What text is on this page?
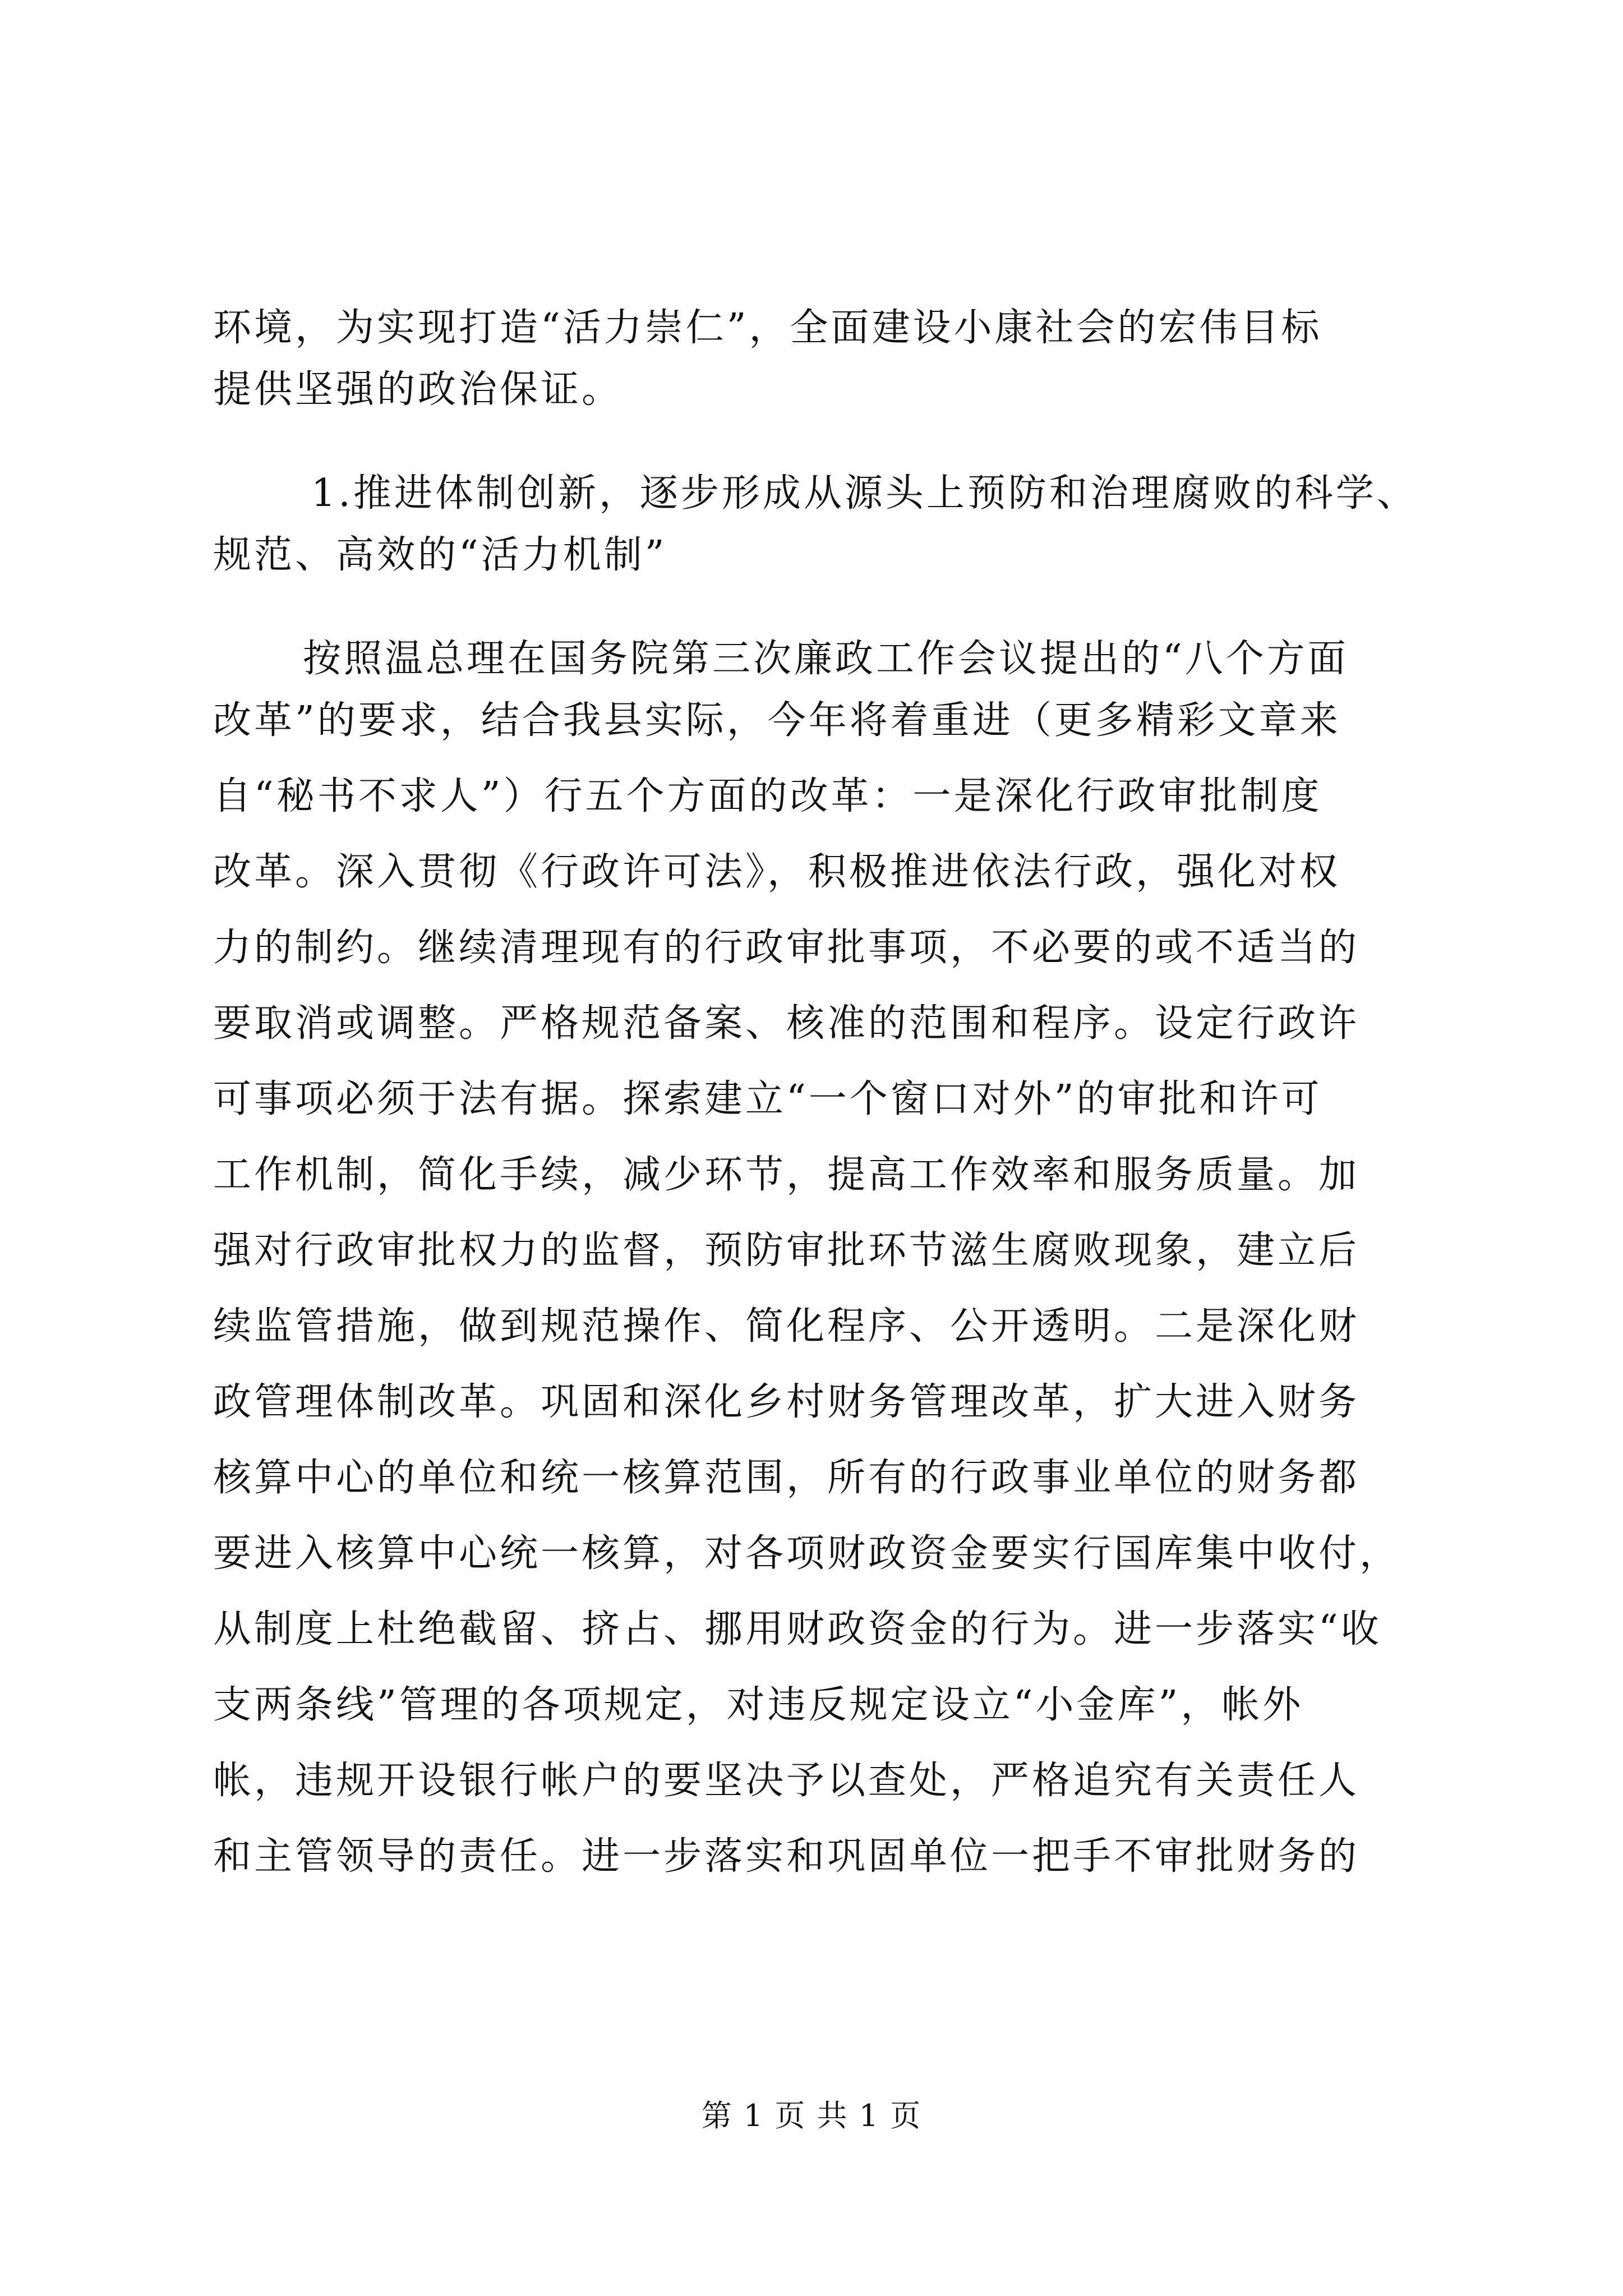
环境，为实现打造“活力崇仁”，全面建设小康社会的宏伟目标
提供坚强的政治保证。
1.推进体制创新，逐步形成从源头上预防和治理腐败的科学、
规范、高效的“活力机制”
按照温总理在国务院第三次廉政工作会议提出的“八个方面
改革”的要求，结合我县实际，今年将着重进（更多精彩文章来
自“秘书不求人”）行五个方面的改革：一是深化行政审批制度
改革。深入贯彻《行政许可法》，积极推进依法行政，强化对权
力的制约。继续清理现有的行政审批事项，不必要的或不适当的
要取消或调整。严格规范备案、核准的范围和程序。设定行政许
可事项必须于法有据。探索建立“一个窗口对外”的审批和许可
工作机制，简化手续，减少环节，提高工作效率和服务质量。加
强对行政审批权力的监督，预防审批环节滋生腐败现象，建立后
续监管措施，做到规范操作、简化程序、公开透明。二是深化财
政管理体制改革。巩固和深化乡村财务管理改革，扩大进入财务
核算中心的单位和统一核算范围，所有的行政事业单位的财务都
要进入核算中心统一核算，对各项财政资金要实行国库集中收付，
从制度上杜绝截留、挤占、挪用财政资金的行为。进一步落实“收
支两条线”管理的各项规定，对违反规定设立“小金库”，帐外
帐，违规开设银行帐户的要坚决予以查处，严格追究有关责任人
和主管领导的责任。进一步落实和巩固单位一把手不审批财务的
第 1 页 共 1 页
